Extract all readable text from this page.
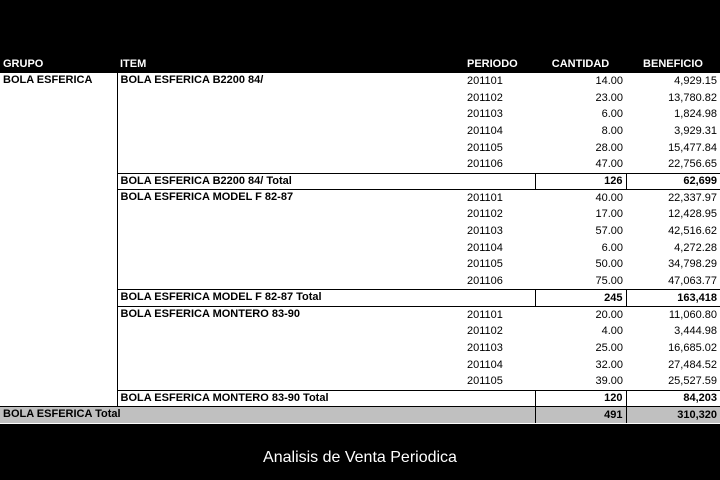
GRUPO	ITEM	PERIODO	CANTIDAD	BENEFICIO
BOLA ESFERICA	BOLA ESFERICA B2200 84/	201101	14.00	4,929.15
		201102	23.00	13,780.82
		201103	6.00	1,824.98
		201104	8.00	3,929.31
		201105	28.00	15,477.84
		201106	47.00	22,756.65
	BOLA ESFERICA B2200 84/ Total		126	62,699
	BOLA ESFERICA MODEL F 82-87	201101	40.00	22,337.97
		201102	17.00	12,428.95
		201103	57.00	42,516.62
		201104	6.00	4,272.28
		201105	50.00	34,798.29
		201106	75.00	47,063.77
	BOLA ESFERICA MODEL F 82-87 Total		245	163,418
	BOLA ESFERICA MONTERO 83-90	201101	20.00	11,060.80
		201102	4.00	3,444.98
		201103	25.00	16,685.02
		201104	32.00	27,484.52
		201105	39.00	25,527.59
	BOLA ESFERICA MONTERO 83-90 Total		120	84,203
BOLA ESFERICA Total			491	310,320
Analisis de Venta Periodica
